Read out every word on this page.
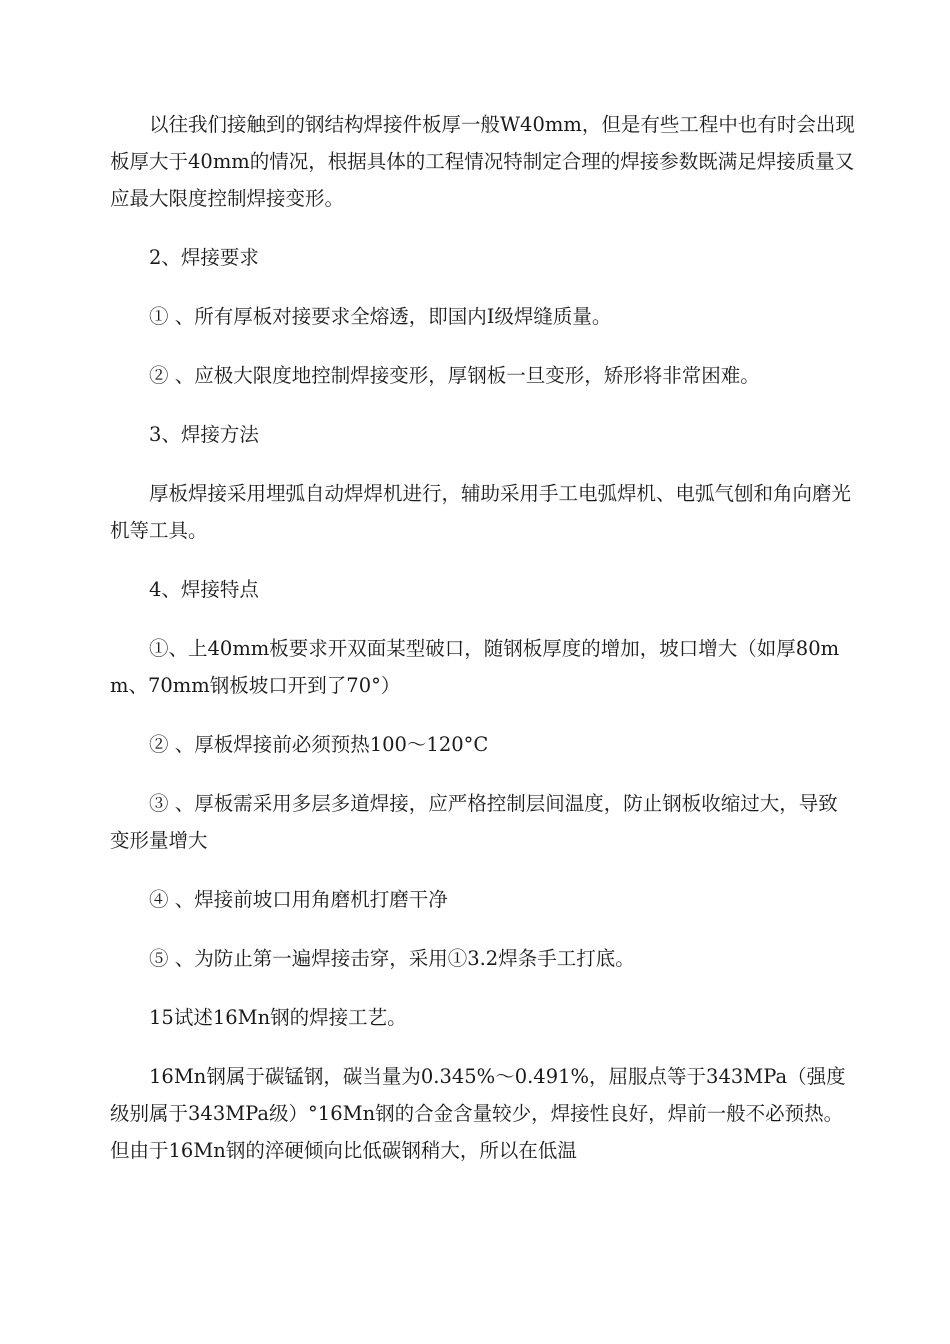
以往我们接触到的钢结构焊接件板厚一般W40mm，但是有些工程中也有时会出现板厚大于40mm的情况，根据具体的工程情况特制定合理的焊接参数既满足焊接质量又应最大限度控制焊接变形。

2、焊接要求

① 、所有厚板对接要求全熔透，即国内I级焊缝质量。

② 、应极大限度地控制焊接变形，厚钢板一旦变形，矫形将非常困难。

3、焊接方法

厚板焊接采用埋弧自动焊焊机进行，辅助采用手工电弧焊机、电弧气刨和角向磨光机等工具。

4、焊接特点

①、上40mm板要求开双面某型破口，随钢板厚度的增加，坡口增大（如厚80mm、70mm钢板坡口开到了70°）

② 、厚板焊接前必须预热100〜120°C

③ 、厚板需采用多层多道焊接，应严格控制层间温度，防止钢板收缩过大，导致变形量增大

④ 、焊接前坡口用角磨机打磨干净

⑤ 、为防止第一遍焊接击穿，采用①3.2焊条手工打底。

15试述16Mn钢的焊接工艺。

16Mn钢属于碳锰钢，碳当量为0.345%〜0.491%，屈服点等于343MPa（强度级别属于343MPa级）°16Mn钢的合金含量较少，焊接性良好，焊前一般不必预热。但由于16Mn钢的淬硬倾向比低碳钢稍大，所以在低温
